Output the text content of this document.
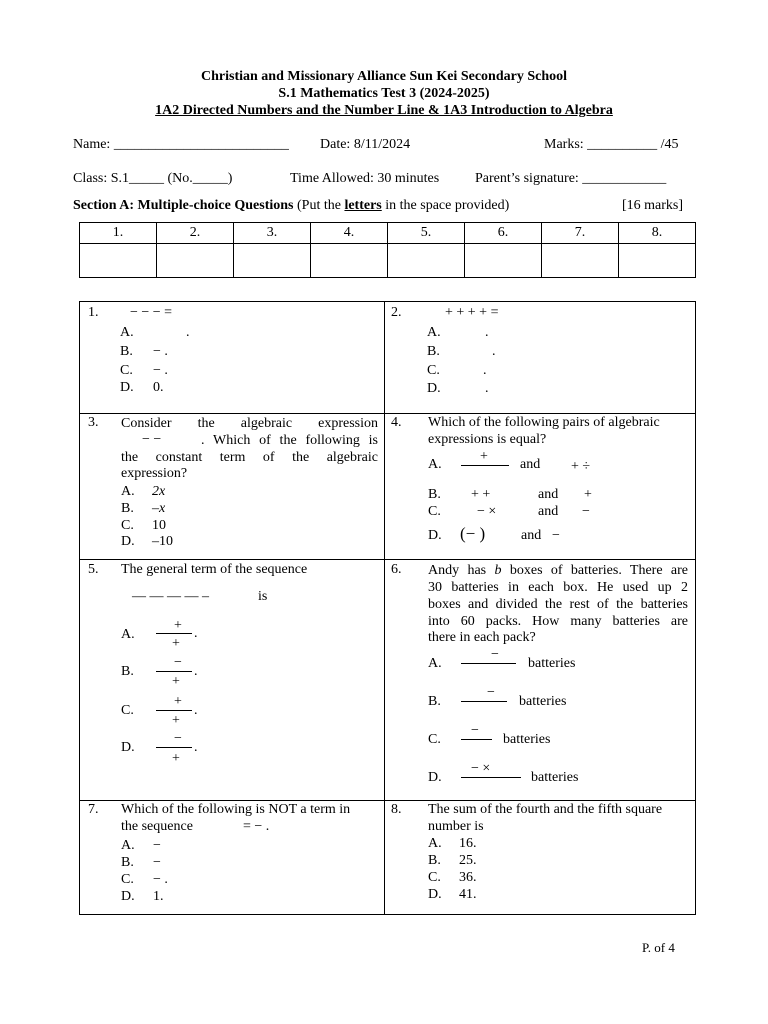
Christian and Missionary Alliance Sun Kei Secondary School
S.1 Mathematics Test 3 (2024-2025)
1A2 Directed Numbers and the Number Line & 1A3 Introduction to Algebra
Name: _________________________ Date: 8/11/2024	Marks: __________ /45
Class: S.1_____ (No._____)	Time Allowed: 30 minutes	Parent’s signature: ____________
Section A: Multiple-choice Questions (Put the letters in the space provided)	[16 marks]
1.	2.	3.	4.	5.	6.	7.	8.

1. − − − =
A.	.
B. − .
C. − .
D. 0.
2.	+ + + + =
A.	.
B.	.
C.	.
D.	.
3. Consider the algebraic expression
− −	. Which of the following is
the constant term of the algebraic
expression?
A. 2x
B. –x
C. 10
D. –10
4. Which of the following pairs of algebraic
expressions is equal?
A.
+
and + ÷
B. + +	and +
C.	− ×	and −
D. (− )	and −
5. The general term of the sequence
— — — — –	is
A.
+
.
+
B.
−
.
+
C.
+
.
+
D.
−
.
+
6. Andy has b boxes of batteries. There are
30 batteries in each box. He used up 2
boxes and divided the rest of the batteries
into 60 packs. How many batteries are
there in each pack?
A.
−
batteries
B.
−
batteries
C.
−
batteries
D.
− ×
batteries
7. Which of the following is NOT a term in
the sequence	= − .
A. −
B. −
C. − .
D. 1.
8. The sum of the fourth and the fifth square
number is
A. 16.
B. 25.
C. 36.
D. 41.
P. of 4
